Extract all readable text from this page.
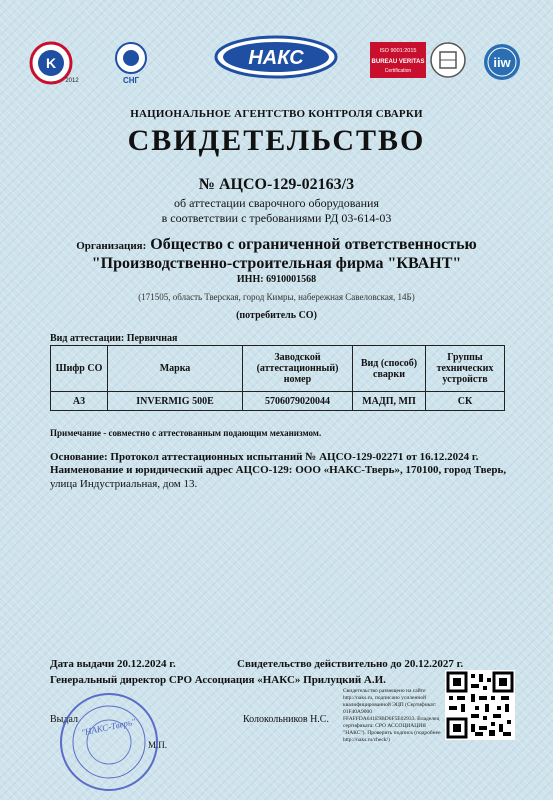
K
2012	СНГ
НАКС	ISO 9001:2015
BUREAU VERITAS
Certification
iiw
НАЦИОНАЛЬНОЕ АГЕНТСТВО КОНТРОЛЯ СВАРКИ
СВИДЕТЕЛЬСТВО
№ АЦСО-129-02163/3
об аттестации сварочного оборудования
в соответствии с требованиями РД 03-614-03
Организация: Общество с ограниченной ответственностью
"Производственно-строительная фирма "КВАНТ"
ИНН: 6910001568
(171505, область Тверская, город Кимры, набережная Савеловская, 14Б)
(потребитель СО)
Вид аттестации: Первичная
Шифр СО	Марка	Заводской (аттестационный) номер	Вид (способ) сварки	Группы технических устройств
А3	INVERMIG 500E	5706079020044	МАДП, МП	СК
Примечание - совместно с аттестованным подающим механизмом.
Основание: Протокол аттестационных испытаний № АЦСО-129-02271 от 16.12.2024 г.
Наименование и юридический адрес АЦСО-129: ООО «НАКС-Тверь», 170100, город Тверь,
улица Индустриальная, дом 13.
Дата выдачи 20.12.2024 г.	Свидетельство действительно до 20.12.2027 г.
Генеральный директор СРО Ассоциация «НАКС» Прилуцкий А.И.
Свидетельство размещено на сайте http://naks.ru, подписано усиленной квалифицированной ЭЦП (Сертификат: 01F40A9000 FFAFFDA641E9BD6F5E02933. Владелец сертификата: СРО АССОЦИАЦИЯ "НАКС"). Проверить подпись (подробнее http://naks.ru/check/)
Выдал	Колокольников Н.С.
"НАКС-Тверь"
М.П.
